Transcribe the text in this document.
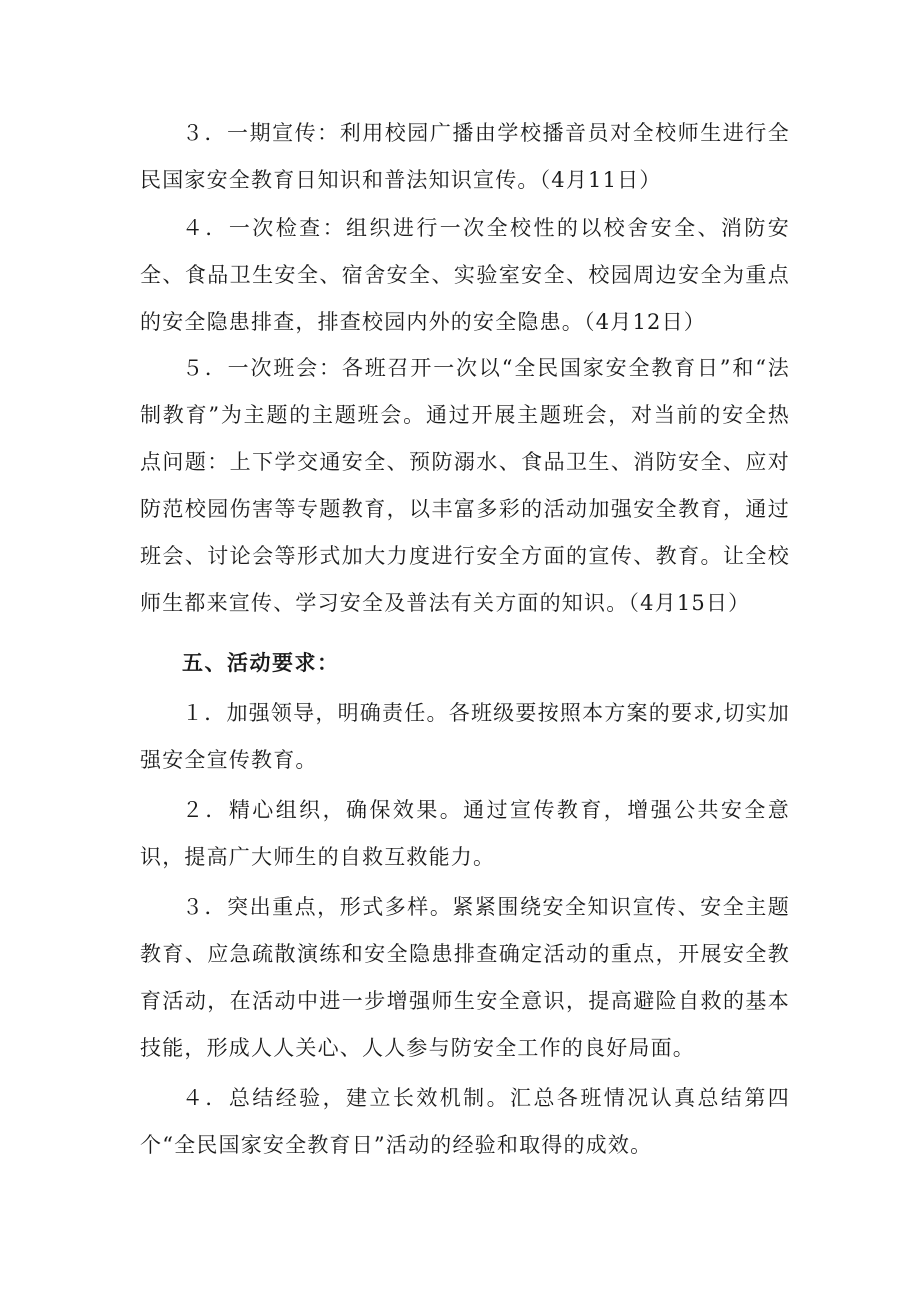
３．一期宣传：利用校园广播由学校播音员对全校师生进行全民国家安全教育日知识和普法知识宣传。（4月11日）

４．一次检查：组织进行一次全校性的以校舍安全、消防安全、食品卫生安全、宿舍安全、实验室安全、校园周边安全为重点的安全隐患排查，排查校园内外的安全隐患。（4月12日）

５．一次班会：各班召开一次以“全民国家安全教育日”和“法制教育”为主题的主题班会。通过开展主题班会，对当前的安全热点问题：上下学交通安全、预防溺水、食品卫生、消防安全、应对防范校园伤害等专题教育，以丰富多彩的活动加强安全教育，通过班会、讨论会等形式加大力度进行安全方面的宣传、教育。让全校师生都来宣传、学习安全及普法有关方面的知识。（4月15日）

五、活动要求：

１．加强领导，明确责任。各班级要按照本方案的要求,切实加强安全宣传教育。

２．精心组织，确保效果。通过宣传教育，增强公共安全意识，提高广大师生的自救互救能力。

３．突出重点，形式多样。紧紧围绕安全知识宣传、安全主题教育、应急疏散演练和安全隐患排查确定活动的重点，开展安全教育活动，在活动中进一步增强师生安全意识，提高避险自救的基本技能，形成人人关心、人人参与防安全工作的良好局面。

４．总结经验，建立长效机制。汇总各班情况认真总结第四个“全民国家安全教育日”活动的经验和取得的成效。
